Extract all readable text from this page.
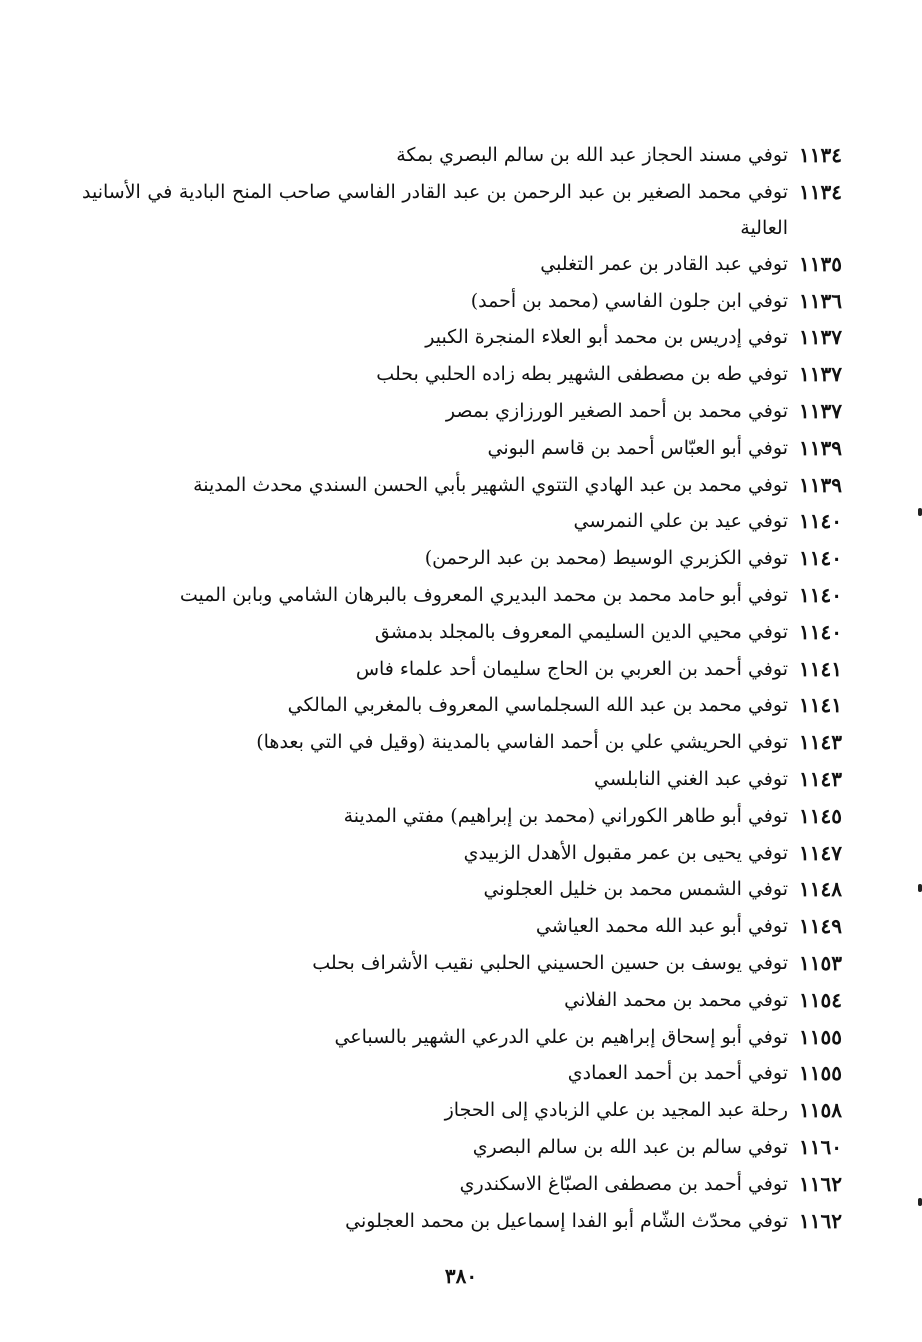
١١٣٤
توفي مسند الحجاز عبد الله بن سالم البصري بمكة
١١٣٤
توفي محمد الصغير بن عبد الرحمن بن عبد القادر الفاسي صاحب المنح البادية في الأسانيد العالية
١١٣٥
توفي عبد القادر بن عمر التغلبي
١١٣٦
توفي ابن جلون الفاسي (محمد بن أحمد)
١١٣٧
توفي إدريس بن محمد أبو العلاء المنجرة الكبير
١١٣٧
توفي طه بن مصطفى الشهير بطه زاده الحلبي بحلب
١١٣٧
توفي محمد بن أحمد الصغير الورزازي بمصر
١١٣٩
توفي أبو العبّاس أحمد بن قاسم البوني
١١٣٩
توفي محمد بن عبد الهادي التتوي الشهير بأبي الحسن السندي محدث المدينة
١١٤٠
توفي عيد بن علي النمرسي
١١٤٠
توفي الكزبري الوسيط (محمد بن عبد الرحمن)
١١٤٠
توفي أبو حامد محمد بن محمد البديري المعروف بالبرهان الشامي وبابن الميت
١١٤٠
توفي محيي الدين السليمي المعروف بالمجلد بدمشق
١١٤١
توفي أحمد بن العربي بن الحاج سليمان أحد علماء فاس
١١٤١
توفي محمد بن عبد الله السجلماسي المعروف بالمغربي المالكي
١١٤٣
توفي الحريشي علي بن أحمد الفاسي بالمدينة (وقيل في التي بعدها)
١١٤٣
توفي عبد الغني النابلسي
١١٤٥
توفي أبو طاهر الكوراني (محمد بن إبراهيم) مفتي المدينة
١١٤٧
توفي يحيى بن عمر مقبول الأهدل الزبيدي
١١٤٨
توفي الشمس محمد بن خليل العجلوني
١١٤٩
توفي أبو عبد الله محمد العياشي
١١٥٣
توفي يوسف بن حسين الحسيني الحلبي نقيب الأشراف بحلب
١١٥٤
توفي محمد بن محمد الفلاني
١١٥٥
توفي أبو إسحاق إبراهيم بن علي الدرعي الشهير بالسباعي
١١٥٥
توفي أحمد بن أحمد العمادي
١١٥٨
رحلة عبد المجيد بن علي الزبادي إلى الحجاز
١١٦٠
توفي سالم بن عبد الله بن سالم البصري
١١٦٢
توفي أحمد بن مصطفى الصبّاغ الاسكندري
١١٦٢
توفي محدّث الشّام أبو الفدا إسماعيل بن محمد العجلوني
٣٨٠
